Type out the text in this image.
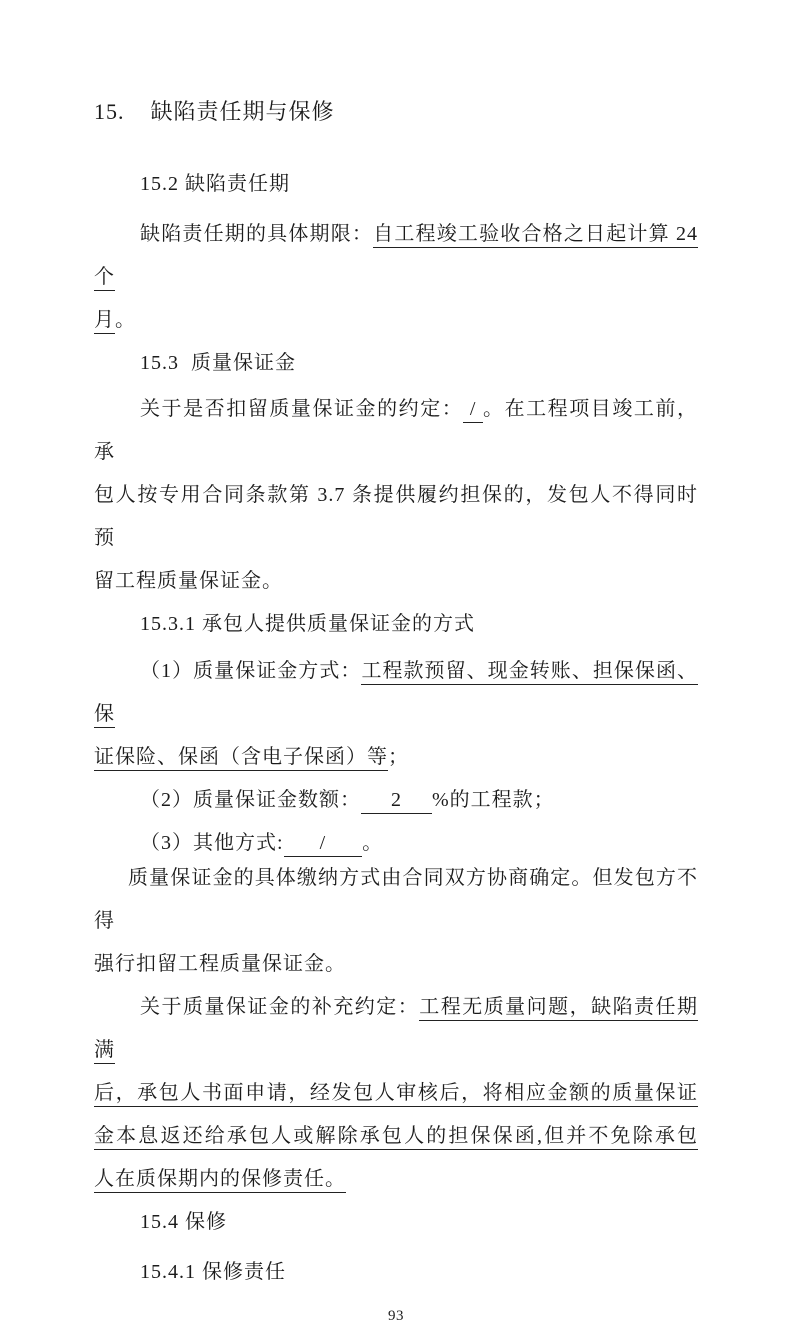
15.    缺陷责任期与保修
15.2 缺陷责任期
缺陷责任期的具体期限：自工程竣工验收合格之日起计算 24 个
月。
15.3  质量保证金
关于是否扣留质量保证金的约定： / 。在工程项目竣工前，承
包人按专用合同条款第 3.7 条提供履约担保的，发包人不得同时预
留工程质量保证金。
15.3.1 承包人提供质量保证金的方式
（1）质量保证金方式：工程款预留、现金转账、担保保函、保
证保险、保函（含电子保函）等；
（2）质量保证金数额：     2     %的工程款；
（3）其他方式:      /      。
质量保证金的具体缴纳方式由合同双方协商确定。但发包方不得
强行扣留工程质量保证金。
关于质量保证金的补充约定：工程无质量问题，缺陷责任期满
后，承包人书面申请，经发包人审核后，将相应金额的质量保证
金本息返还给承包人或解除承包人的担保保函,但并不免除承包
人在质保期内的保修责任。
15.4 保修
15.4.1 保修责任
93
